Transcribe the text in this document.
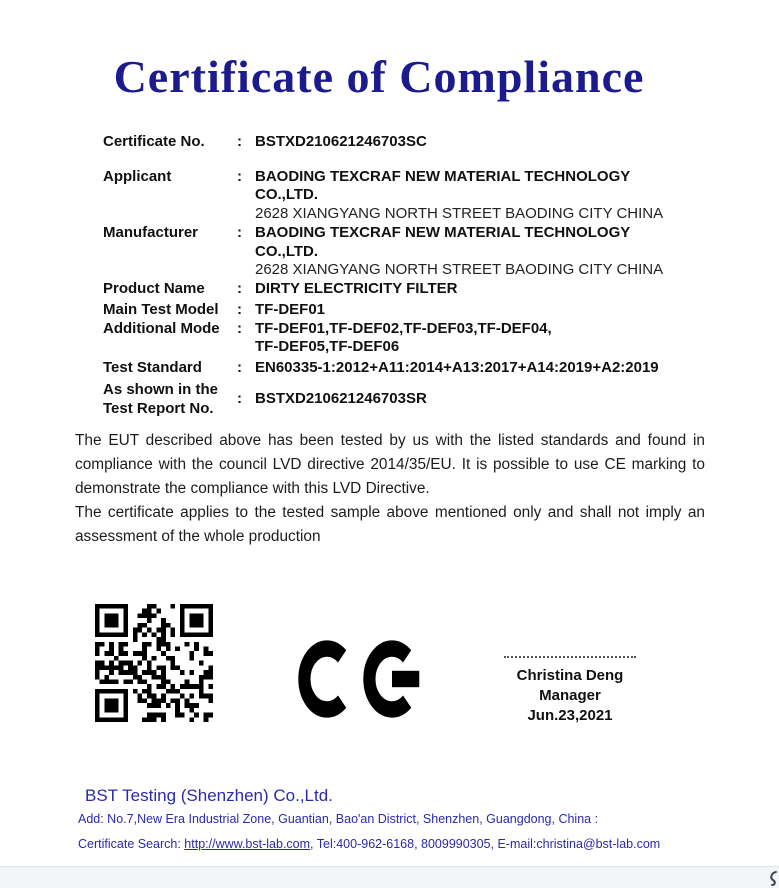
Certificate of Compliance
Certificate No.	: BSTXD210621246703SC
Applicant	: BAODING TEXCRAF NEW MATERIAL TECHNOLOGY
CO.,LTD.
2628 XIANGYANG NORTH STREET BAODING CITY CHINA
Manufacturer	: BAODING TEXCRAF NEW MATERIAL TECHNOLOGY
CO.,LTD.
2628 XIANGYANG NORTH STREET BAODING CITY CHINA
Product Name	: DIRTY ELECTRICITY FILTER
Main Test Model	: TF-DEF01
Additional Mode	: TF-DEF01,TF-DEF02,TF-DEF03,TF-DEF04,
TF-DEF05,TF-DEF06
Test Standard	: EN60335-1:2012+A11:2014+A13:2017+A14:2019+A2:2019
As shown in the Test Report No.
: BSTXD210621246703SR

The EUT described above has been tested by us with the listed standards and found in compliance with the council LVD directive 2014/35/EU. It is possible to use CE marking to demonstrate the compliance with this LVD Directive.

The certificate applies to the tested sample above mentioned only and shall not imply an assessment of the whole production

Christina Deng
Manager
Jun.23,2021
BST Testing (Shenzhen) Co.,Ltd.
Add: No.7,New Era Industrial Zone, Guantian, Bao'an District, Shenzhen, Guangdong, China :
Certificate Search: http://www.bst-lab.com, Tel:400-962-6168, 8009990305, E-mail:christina@bst-lab.com
